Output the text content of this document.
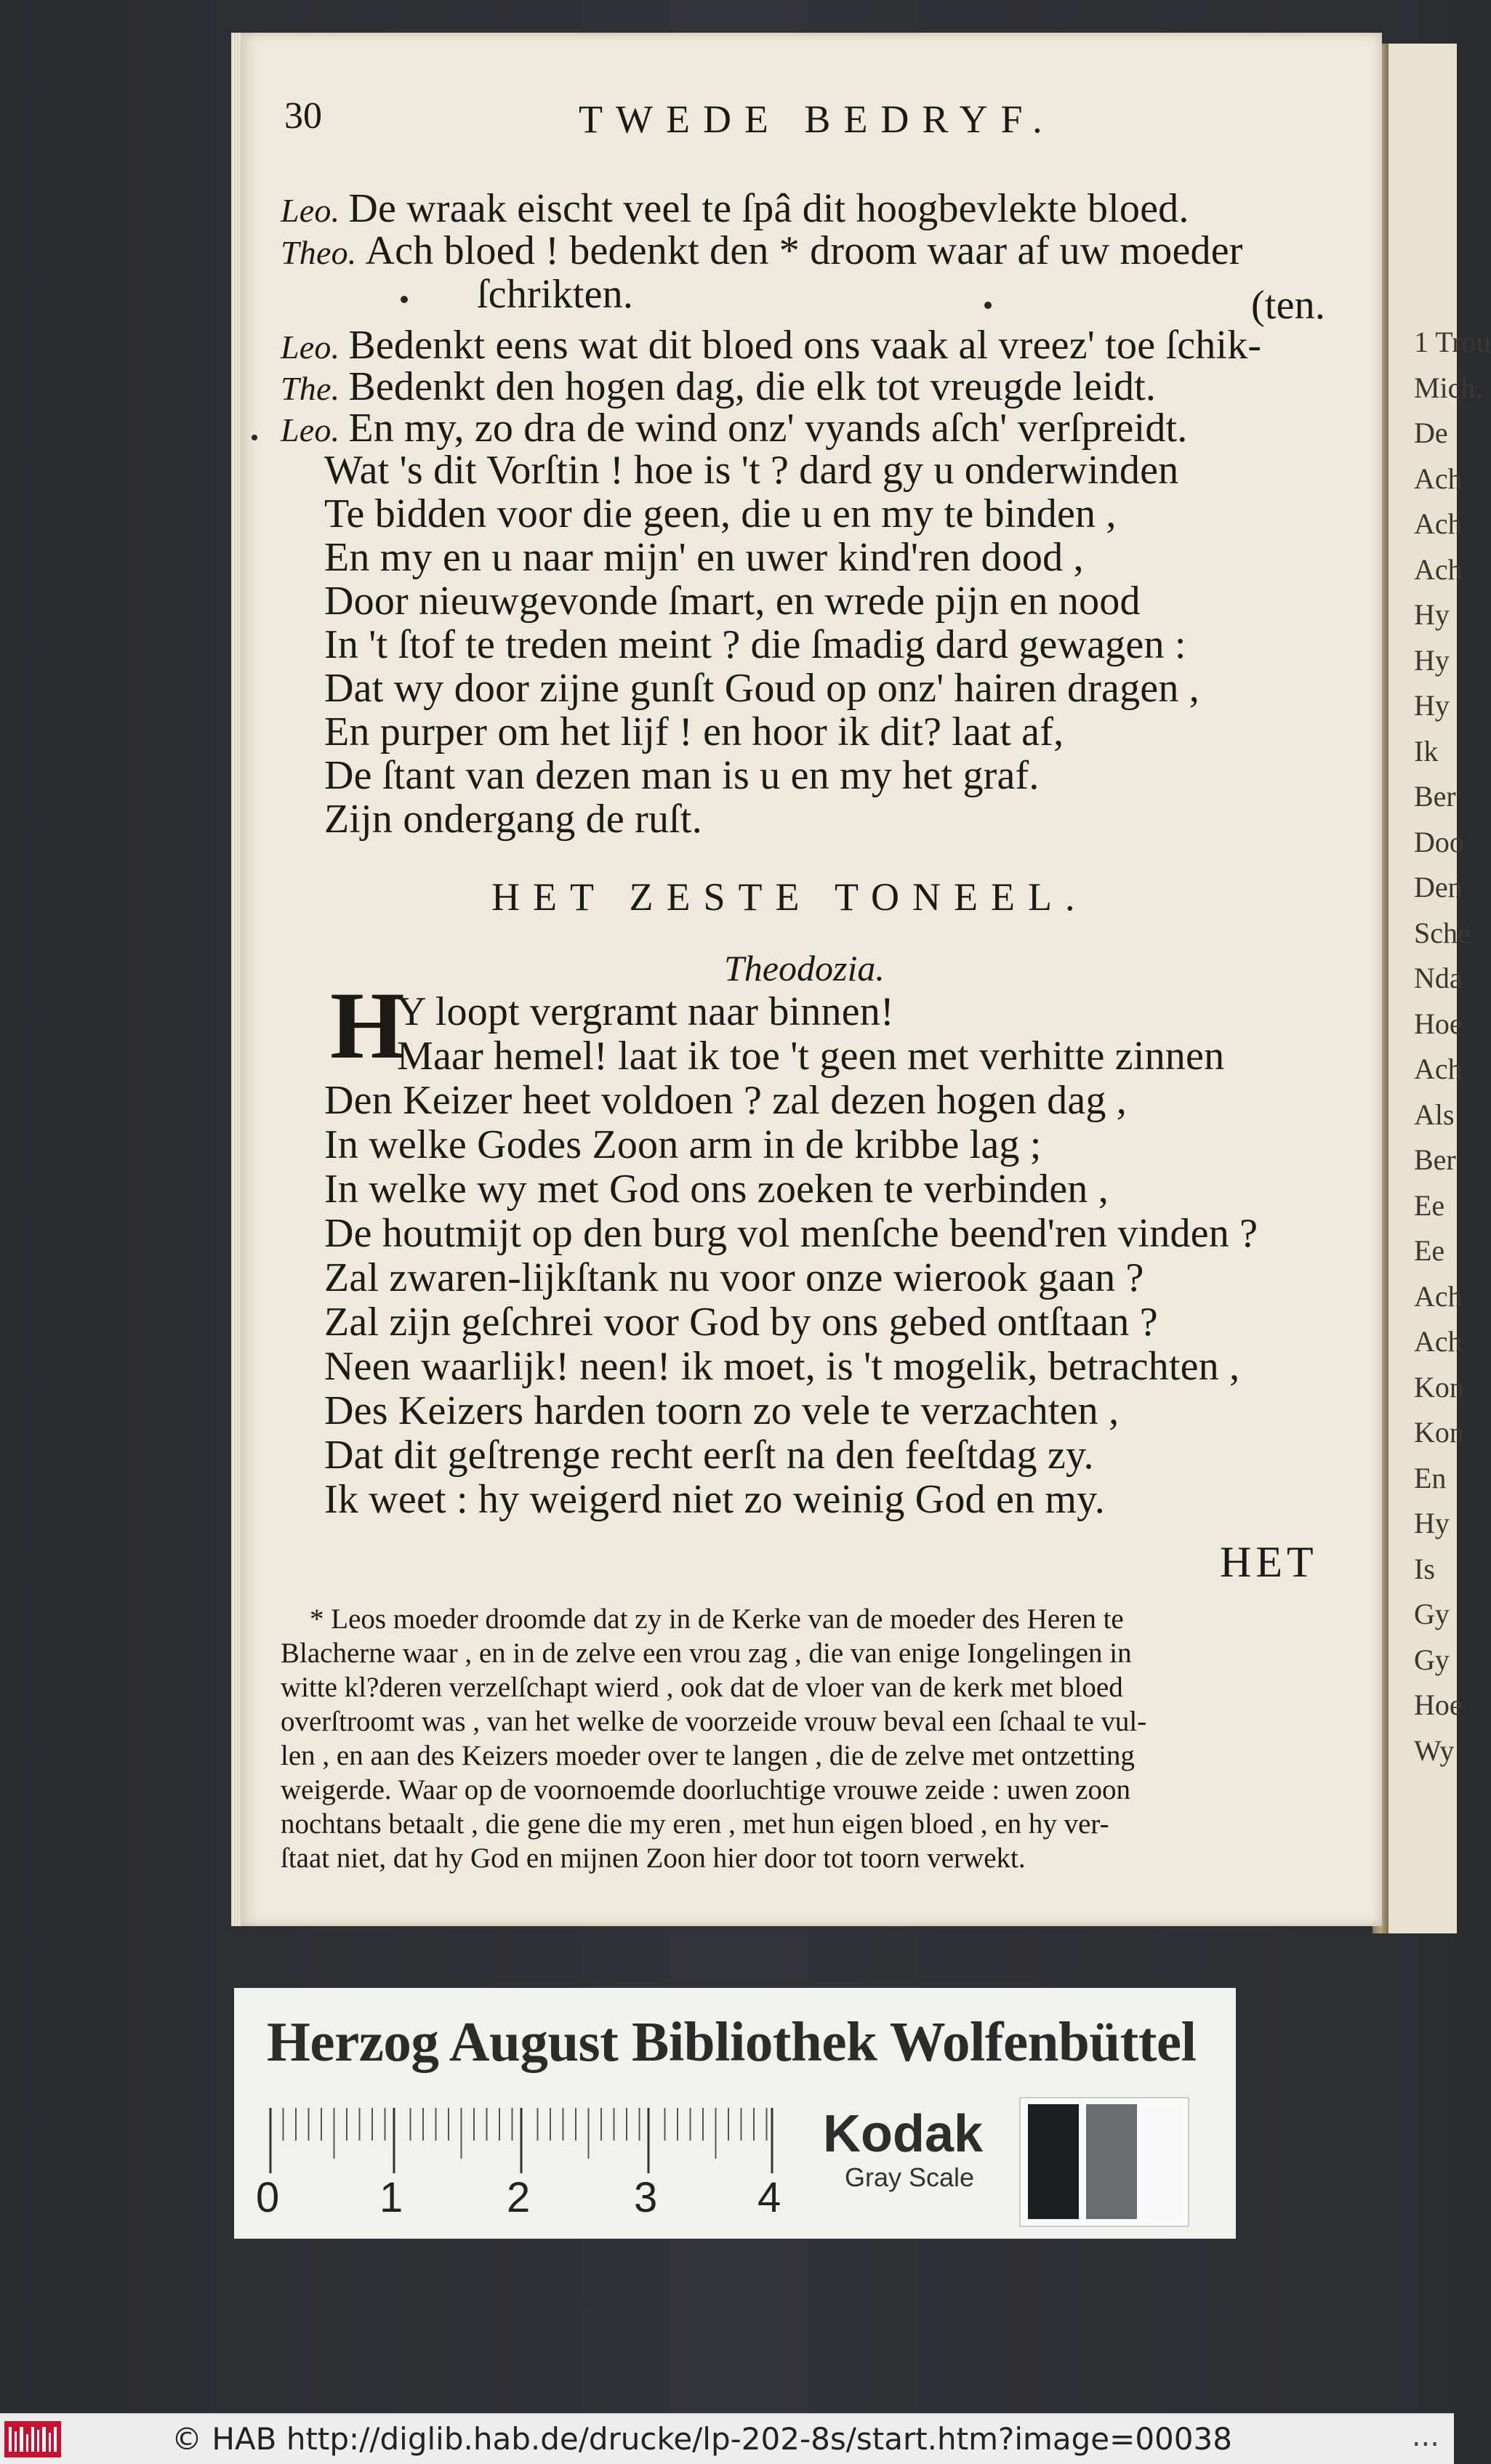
1 Trou
Mich.
De
Ach
Ach
Ach
Hy
Hy
Hy
Ik
Ber
Doo
Den
Sche
Nda
Hoe
Ach
Als
Ber
Ee
Ee
Ach
Ach
Kon
Kon
En
Hy
Is
Gy
Gy
Hoe
Wy
30	TWEDE BEDRYF.
Leo. De wraak eischt veel te ſpâ dit hoogbevlekte bloed.
Theo. Ach bloed ! bedenkt den * droom waar af uw moeder
ſchrikten.	(ten.
Leo. Bedenkt eens wat dit bloed ons vaak al vreez' toe ſchik-
The. Bedenkt den hogen dag, die elk tot vreugde leidt.
Leo. En my, zo dra de wind onz' vyands aſch' verſpreidt.
Wat 's dit Vorſtin ! hoe is 't ? dard gy u onderwinden
Te bidden voor die geen, die u en my te binden ,
En my en u naar mijn' en uwer kind'ren dood ,
Door nieuwgevonde ſmart, en wrede pijn en nood
In 't ſtof te treden meint ? die ſmadig dard gewagen :
Dat wy door zijne gunſt Goud op onz' hairen dragen ,
En purper om het lijf ! en hoor ik dit? laat af,
De ſtant van dezen man is u en my het graf.
Zijn ondergang de ruſt.
HET ZESTE TONEEL.
Theodozia.
H
Y loopt vergramt naar binnen!
Maar hemel! laat ik toe 't geen met verhitte zinnen
Den Keizer heet voldoen ? zal dezen hogen dag ,
In welke Godes Zoon arm in de kribbe lag ;
In welke wy met God ons zoeken te verbinden ,
De houtmijt op den burg vol menſche beend'ren vinden ?
Zal zwaren-lijkſtank nu voor onze wierook gaan ?
Zal zijn geſchrei voor God by ons gebed ontſtaan ?
Neen waarlijk! neen! ik moet, is 't mogelik, betrachten ,
Des Keizers harden toorn zo vele te verzachten ,
Dat dit geſtrenge recht eerſt na den feeſtdag zy.
Ik weet : hy weigerd niet zo weinig God en my.
HET
* Leos moeder droomde dat zy in de Kerke van de moeder des Heren te
Blacherne waar , en in de zelve een vrou zag , die van enige Iongelingen in
witte kl?deren verzelſchapt wierd , ook dat de vloer van de kerk met bloed
overſtroomt was , van het welke de voorzeide vrouw beval een ſchaal te vul-
len , en aan des Keizers moeder over te langen , die de zelve met ontzetting
weigerde. Waar op de voornoemde doorluchtige vrouwe zeide : uwen zoon
nochtans betaalt , die gene die my eren , met hun eigen bloed , en hy ver-
ſtaat niet, dat hy God en mijnen Zoon hier door tot toorn verwekt.
Herzog August Bibliothek Wolfenbüttel
0 1 2 3 4
Kodak
Gray Scale
© HAB http://diglib.hab.de/drucke/lp-202-8s/start.htm?image=00038	...
